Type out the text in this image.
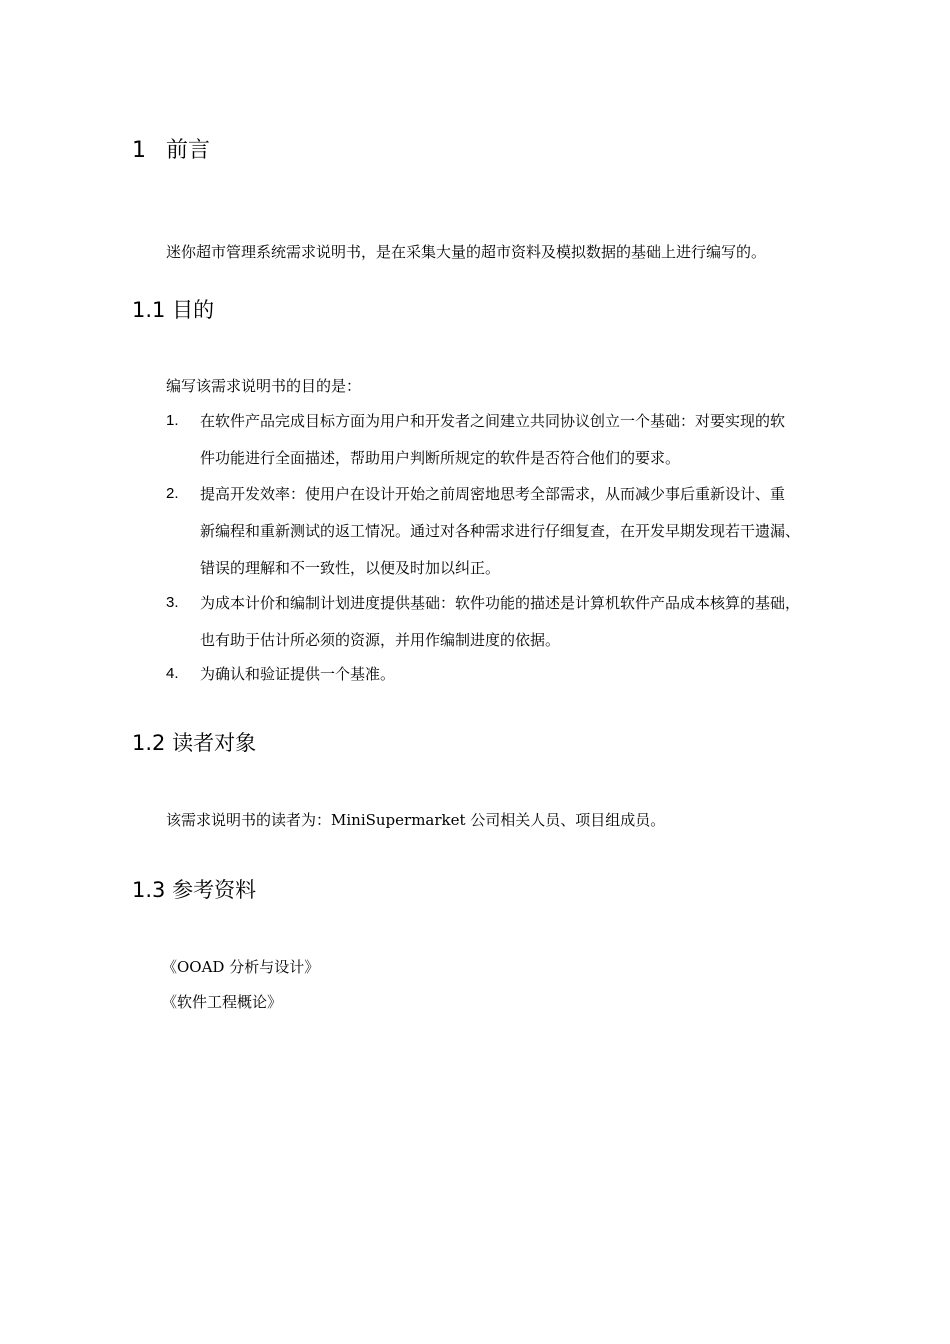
1 前言
迷你超市管理系统需求说明书，是在采集大量的超市资料及模拟数据的基础上进行编写的。
1.1 目的
编写该需求说明书的目的是：
1. 在软件产品完成目标方面为用户和开发者之间建立共同协议创立一个基础：对要实现的软
件功能进行全面描述，帮助用户判断所规定的软件是否符合他们的要求。
2. 提高开发效率：使用户在设计开始之前周密地思考全部需求，从而减少事后重新设计、重
新编程和重新测试的返工情况。通过对各种需求进行仔细复查，在开发早期发现若干遗漏、
错误的理解和不一致性，以便及时加以纠正。
3. 为成本计价和编制计划进度提供基础：软件功能的描述是计算机软件产品成本核算的基础，
也有助于估计所必须的资源，并用作编制进度的依据。
4. 为确认和验证提供一个基准。
1.2 读者对象
该需求说明书的读者为：MiniSupermarket 公司相关人员、项目组成员。
1.3 参考资料
《OOAD 分析与设计》
《软件工程概论》
